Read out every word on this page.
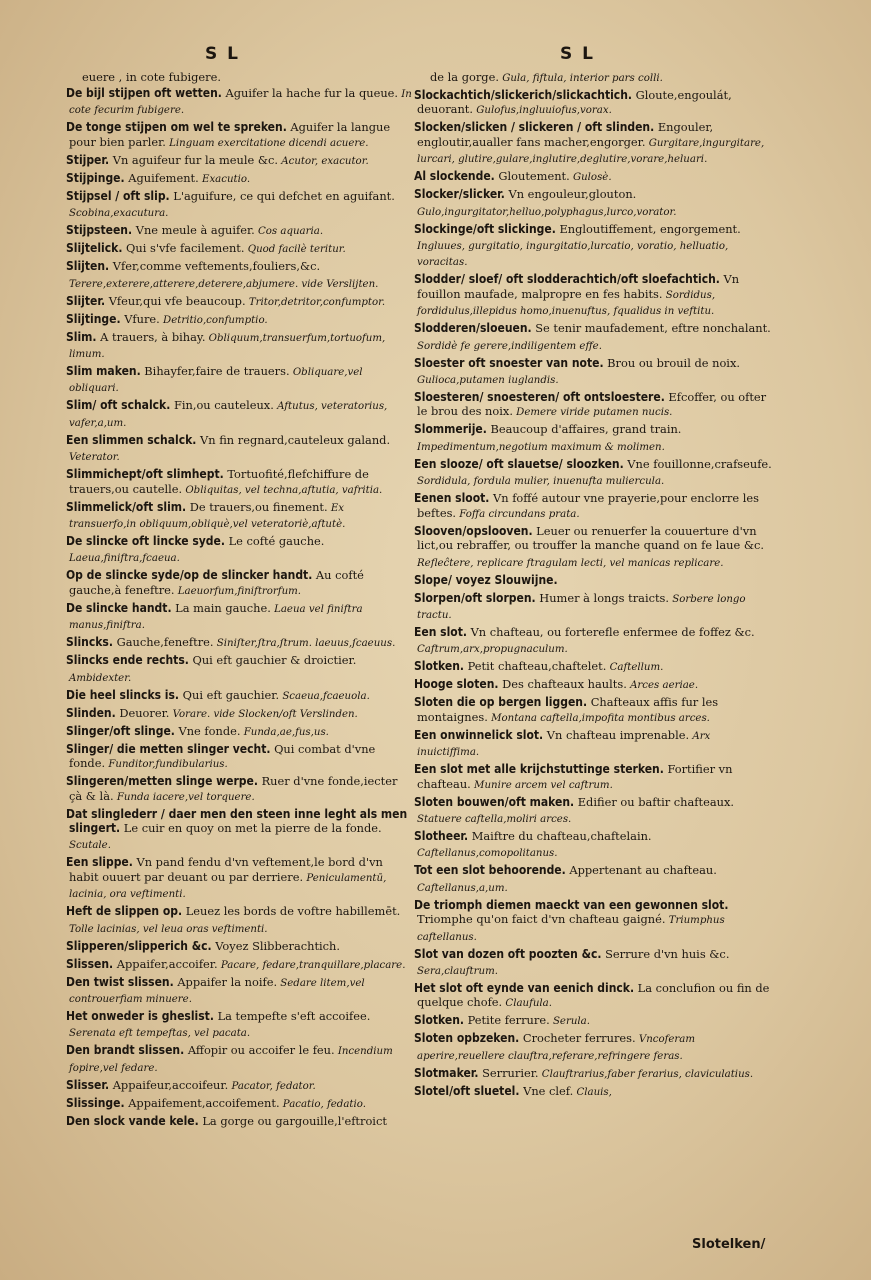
S L	S L
euere , in cote fubigere.
De bijl stijpen oft wetten. Aguifer la hache fur la queue. In cote fecurim fubigere.
De tonge stijpen om wel te spreken. Aguifer la langue pour bien parler. Linguam exercitatione dicendi acuere.
Stijper. Vn aguifeur fur la meule &c. Acutor, exacutor.
Stijpinge. Aguifement. Exacutio.
Stijpsel / oft slip. L'aguifure, ce qui defchet en aguifant. Scobina,exacutura.
Stijpsteen. Vne meule à aguifer. Cos aquaria.
Slijtelick. Qui s'vfe facilement. Quod facilè teritur.
Slijten. Vfer,comme veftements,fouliers,&c. Terere,exterere,atterere,deterere,abjumere. vide Verslijten.
Slijter. Vfeur,qui vfe beaucoup. Tritor,detritor,confumptor.
Slijtinge. Vfure. Detritio,confumptio.
Slim. A trauers, à bihay. Obliquum,transuerfum,tortuofum, limum.
Slim maken. Bihayfer,faire de trauers. Obliquare,vel obliquari.
Slim/ oft schalck. Fin,ou cauteleux. Aftutus, veteratorius, vafer,a,um.
Een slimmen schalck. Vn fin regnard,cauteleux galand. Veterator.
Slimmichept/oft slimhept. Tortuofité,flefchiffure de trauers,ou cautelle. Obliquitas, vel techna,aftutia, vafritia.
Slimmelick/oft slim. De trauers,ou finement. Ex transuerfo,in obliquum,obliquè,vel veteratoriè,aftutè.
De slincke oft lincke syde. Le cofté gauche. Laeua,finiftra,fcaeua.
Op de slincke syde/op de slincker handt. Au cofté gauche,à feneftre. Laeuorfum,finiftrorfum.
De slincke handt. La main gauche. Laeua vel finiftra manus,finiftra.
Slincks. Gauche,feneftre. Siniſter,ſtra,ſtrum. laeuus,ſcaeuus.
Slincks ende rechts. Qui eft gauchier & droictier. Ambidexter.
Die heel slincks is. Qui eft gauchier. Scaeua,fcaeuola.
Slinden. Deuorer. Vorare. vide Slocken/oft Verslinden.
Slinger/oft slinge. Vne fonde. Funda,ae,fus,us.
Slinger/ die metten slinger vecht. Qui combat d'vne fonde. Funditor,fundibularius.
Slingeren/metten slinge werpe. Ruer d'vne fonde,iecter çà & là. Funda iacere,vel torquere.
Dat slinglederr / daer men den steen inne leght als men slingert. Le cuir en quoy on met la pierre de la fonde. Scutale.
Een slippe. Vn pand fendu d'vn veftement,le bord d'vn habit ouuert par deuant ou par derriere. Peniculamentū, lacinia, ora veftimenti.
Heft de slippen op. Leuez les bords de voftre habillemēt. Tolle lacinias, vel leua oras veftimenti.
Slipperen/slipperich &c. Voyez Slibberachtich.
Slissen. Appaifer,accoifer. Pacare, fedare,tranquillare,placare.
Den twist slissen. Appaifer la noife. Sedare litem,vel controuerfiam minuere.
Het onweder is gheslist. La tempefte s'eft accoifee. Serenata eft tempeftas, vel pacata.
Den brandt slissen. Affopir ou accoifer le feu. Incendium fopire,vel fedare.
Slisser. Appaifeur,accoifeur. Pacator, fedator.
Slissinge. Appaifement,accoifement. Pacatio, fedatio.
Den slock vande kele. La gorge ou gargouille,l'eftroict
de la gorge. Gula, fiftula, interior pars colli.
Slockachtich/slickerich/slickachtich. Gloute,engoulát, deuorant. Gulofus,ingluuiofus,vorax.
Slocken/slicken / slickeren / oft slinden. Engouler, engloutir,aualler fans macher,engorger. Gurgitare,ingurgitare, lurcari, glutire,gulare,inglutire,deglutire,vorare,heluari.
Al slockende. Gloutement. Gulosè.
Slocker/slicker. Vn engouleur,glouton. Gulo,ingurgitator,helluo,polyphagus,lurco,vorator.
Slockinge/oft slickinge. Engloutiffement, engorgement. Ingluues, gurgitatio, ingurgitatio,lurcatio, voratio, helluatio, voracitas.
Slodder/ sloef/ oft slodderachtich/oft sloefachtich. Vn fouillon maufade, malpropre en fes habits. Sordidus, fordidulus,illepidus homo,inuenuftus, fqualidus in veftitu.
Slodderen/sloeuen. Se tenir maufadement, eftre nonchalant. Sordidè fe gerere,indiligentem effe.
Sloester oft snoester van note. Brou ou brouil de noix. Gulioca,putamen iuglandis.
Sloesteren/ snoesteren/ oft ontsloestere. Efcoffer, ou ofter le brou des noix. Demere viride putamen nucis.
Slommerije. Beaucoup d'affaires, grand train. Impedimentum,negotium maximum & molimen.
Een slooze/ oft slauetse/ sloozken. Vne fouillonne,crafseufe. Sordidula, fordula mulier, inuenufta muliercula.
Eenen sloot. Vn foffé autour vne prayerie,pour enclorre les beftes. Foffa circundans prata.
Slooven/opslooven. Leuer ou renuerfer la couuerture d'vn lict,ou rebraffer, ou trouffer la manche quand on fe laue &c. Refleĉtere, replicare ftragulam lecti, vel manicas replicare.
Slope/ voyez Slouwijne.
Slorpen/oft slorpen. Humer à longs traicts. Sorbere longo tractu.
Een slot. Vn chafteau, ou forterefle enfermee de foffez &c. Caftrum,arx,propugnaculum.
Slotken. Petit chafteau,chaftelet. Caftellum.
Hooge sloten. Des chafteaux haults. Arces aeriae.
Sloten die op bergen liggen. Chafteaux affis fur les montaignes. Montana caftella,impofita montibus arces.
Een onwinnelick slot. Vn chafteau imprenable. Arx inuictiffima.
Een slot met alle krijchstuttinge sterken. Fortifier vn chafteau. Munire arcem vel caftrum.
Sloten bouwen/oft maken. Edifier ou baftir chafteaux. Statuere caftella,moliri arces.
Slotheer. Maiftre du chafteau,chaftelain. Caftellanus,comopolitanus.
Tot een slot behoorende. Appertenant au chafteau. Caftellanus,a,um.
De triomph diemen maeckt van een gewonnen slot. Triomphe qu'on faict d'vn chafteau gaigné. Triumphus caftellanus.
Slot van dozen oft poozten &c. Serrure d'vn huis &c. Sera,clauftrum.
Het slot oft eynde van eenich dinck. La conclufion ou fin de quelque chofe. Claufula.
Slotken. Petite ferrure. Serula.
Sloten opbzeken. Crocheter ferrures. Vncoferam aperire,reuellere clauftra,referare,refringere feras.
Slotmaker. Serrurier. Clauftrarius,faber ferarius, claviculatius.
Slotel/oft sluetel. Vne clef. Clauis,
Slotelken/
